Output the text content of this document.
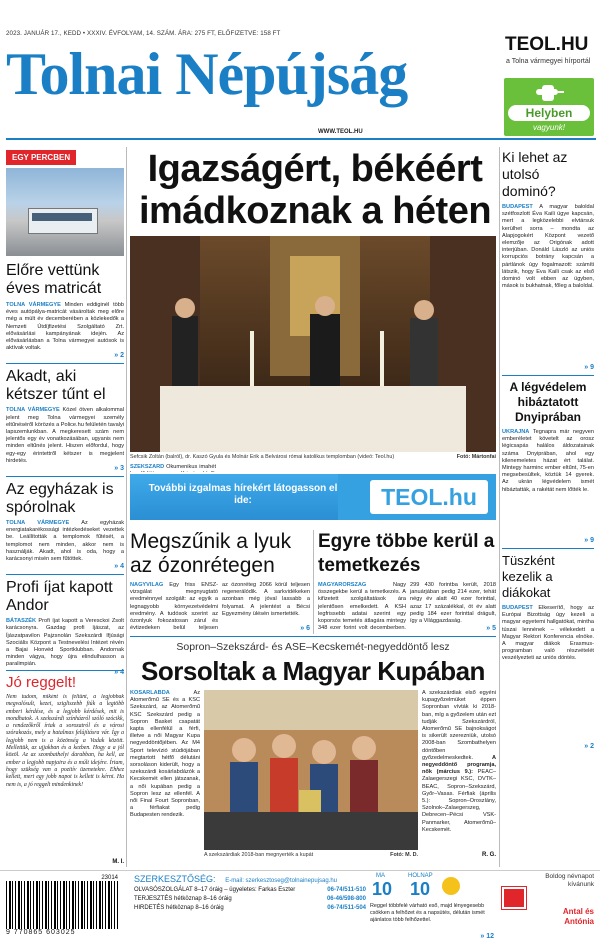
2023. JANUÁR 17., KEDD • XXXIV. ÉVFOLYAM, 14. SZÁM. ÁRA: 275 FT, ELŐFIZETVE: 158 FT
Tolnai Népújság
WWW.TEOL.HU
TEOL.HU
a Tolna vármegyei hírportál
Helyben
vagyunk!
EGY PERCBEN
Előre vettünk éves matricát
TOLNA VÁRMEGYE Minden eddiginél több éves autópálya-matricát vásároltak meg előre még a múlt év decemberében a közlekedők a Nemzeti Útdíjfizetési Szolgáltató Zrt. elővásárlási kampányának idején. Az elővásárlásban a Tolna vármegyei autósok is aktívak voltak.
» 2
Akadt, aki kétszer tűnt el
TOLNA VÁRMEGYE Közel ötven alkalommal jelent meg Tolna vármegyei személy eltűnéséről körözés a Police.hu felületén tavalyi lapszemlunkban. A megkeresett szám nem jelentős egy év vonatkozásában, ugyanis nem minden eltűnés jelent. Hiszen előfordul, hogy egy-egy érintettről kétszer is megjelent hirdetés.
» 3
Az egyházak is spórolnak
TOLNA VÁRMEGYE Az egyházak energiatakarékossági intézkedéseket vezettek be. Leállították a templomok fűtését, a templomot nem minden, akkor nem is használják. Akadt, ahol is oda, hogy a karácsonyi misén sem fűtöttek.
» 4
Profi íjat kapott Andor
BÁTASZÉK Profi íjat kapott a Veresckoi Zsolt karácsonyra. Gazdag profi íjászat, az Íjászatpavilon Pajzsnolán Szekszárdi Ifjúsági Szociális Központ a Testnevelési Intézet révén a Bajai Honvéd Sportklubban. Andornak minden vágya, hogy újra elindulhasson a paralimpián.
» 4
Jó reggelt!
Nem tudom, miként is feltűnt, a legjobbak megvalósult, kezei, szigliszebb fiúk a legtöbb emberi kérdése, és a legjobb kérdések, mit is mondhatok. A szekszárdi színházról szóló szócikk, a rendezőkről írtak a sorozatról és a városi szórakozás, mely a hatalmas felújításra vár. Így a legjobb nem is a közönség a Vadak között. Mellettük, az ujjakban és a kezben. Hogy a a jól közöl. Az az szombathelyi darabban, ha kell, az ember a legjobb napjaira és a múlt idejére. Írtam, hogy szükség van a pozitív üzenetekre. Ehhez kellett, mert egy jobb napot is kellett is kérni. Ha nem is, a jó reggelt mindenkinek!
M. I.
Igazságért, békéért imádkoznak a héten
Sefcsik Zoltán (balról), dr. Kaszó Gyula és Molnár Erik a Belvárosi római katolikus templomban (videó: Teol.hu)	Fotó: Mártonfai
SZEKSZÁRD Ökumenikus imahét
További izgalmas hírekért látogasson el ide:	TEOL.hu
Megszűnik a lyuk az ózonrétegen
Egyre többe kerül a temetkezés
NAGYVILÁG Egy friss ENSZ-vizsgálat megnyugtató eredménnyel szolgált: az egyik a legnagyobb környezetvédelmi eredmény. A tudósok szerint az ózonlyuk fokozatosan zárul és évtizedeken belül teljesen
az ózonréteg 2066 körül teljesen regenerálódik. A sarkvidékeken azonban még jóval lassabb a folyamat. A jelentést a Bécsi Egyezmény ülésén ismertették.
» 6
MAGYARORSZÁG	Nagy összegekbe kerül a temetkezés. A kifizetett szolgáltatások ára jelentősen emelkedett. A KSH legfrissebb adatai szerint egy koporsós temetés átlagára mintegy 348 ezer forint volt decemberben.
299 430 forintba került, 2018 januárjában pedig 214 ezer, tehát négy év alatt 40 ezer forinttal, azaz 17 százalékkal, öt év alatt pedig 184 ezer forinttal drágult, így a Világgazdaság.
» 5
Sopron–Szekszárd- és ASE–Kecskemét-negyeddöntő lesz
Sorsoltak a Magyar Kupában
KOSÁRLABDA	Az Atomerőmű SE és a KSC Szekszárd, az Atomerőmű KSC Szekszárd pedig a Sopron Basket csapatát kapta ellenfélül a férfi, illetve a női Magyar Kupa negyeddöntőjében. Az M4 Sport televízió stúdiójában megtartott hétfő délutáni sorsoláson kiderült, hogy a szekszárdi kosárlabdázók a Kecskemét ellen játszanak, a női kupában pedig a Sopron lesz az ellenfél. A női Final Fourt Sopronban, a férfiakat pedig Budapesten rendezik.
A szekszárdiak 2018-ban megnyerték a kupát	Fotó: M. D.
A szekszárdiak első egyéni kupagyőzelmüket éppen Sopronban vívták ki 2018-ban, míg a győzelem után ezt tudják Szekszárdról, Atomerőmű SE bajnokságot is sikerült szerezniük, utolsó 2008-ban Szombathelyen döntőben győzedelmeskedtek.	A negyeddöntő programja, nők (március 9.): PEAC–Zalaegerszegi KSC, DVTK–BEAC, Sopron–Szekszárd, Győr–Vasas. Férfiak (április 5.): Sopron–Oroszlány, Szolnok–Zalaegerszeg, Debrecen–Pécsi VSK-Panmarker, Atomerőmű–Kecskemét.
R. G.
Ki lehet az utolsó dominó?
BUDAPEST A magyar baloldal szétfoszlott Éva Kaili ügye kapcsán, mert a legközelebbi elvtársuk kerülhet sorra – mondta az Alapjogokért Központ vezető elemzője az Origónak adott interjúban. Donáld László az uniós korrupciós botrány kapcsán a pártlánok úgy fogalmazott: számíti látszik, hogy Eva Kaili csak az első dominó volt ebben az ügyben, mások is bukhatnak, főleg a baloldal.
» 9
A légvédelem hibáztatott Dnyiprában
UKRAJNA Tegnapra már negyven emberéletet követelt az orosz légicsapás halálos áldozatainak száma Dnyiprában, ahol egy kilenemeletes házat ért találat. Mintegy harminc ember eltűnt, 75-en megsebesültek, köztük 14 gyerek. Az ukrán légvédelem ismét hibáztatták, a rakétát nem lőtték le.
» 9
Tüszként kezelik a diákokat
BUDAPEST Elkeserítő, hogy az Európai Bizottság úgy kezeli a magyar egyetemi hallgatókat, mintha túszai lennének – vélekedett a Magyar Rektori Konferencia elnöke. A magyar diákok Erasmus-programban való részvételét veszélyezteti az uniós döntés.
» 2
23014
9 770865 603025
SZERKESZTŐSÉG: E-mail: szerkesztoseg@tolnainepujsag.hu
OLVASÓSZOLGÁLAT 8–17 óráig – ügyeletes: Farkas Eszter	06-74/511-510
TERJESZTÉS hétköznap 8–16 óráig	06-46/598-800
HIRDETÉS hétköznap 8–16 óráig	06-74/511-504
MA
10
HOLNAP
10
Reggel többfelé várható eső, majd lényegesebb csökken a felhőzet és a napsütés, délután ismét ajánlatos több felhőzettel.
» 12
Boldog névnapot kívánunk
Antal és Antónia
